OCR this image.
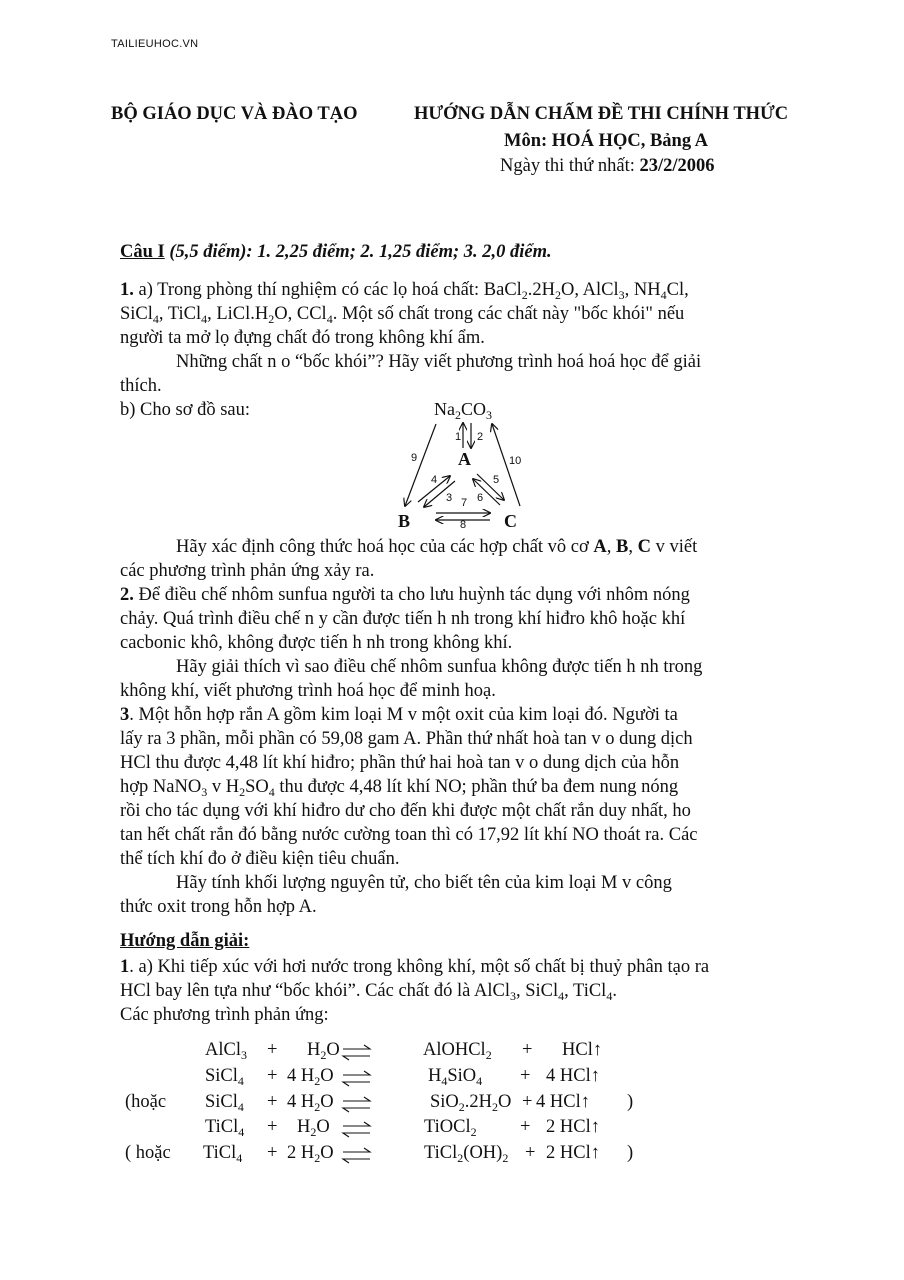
TAILIEUHOC.VN
BỘ GIÁO DỤC VÀ ĐÀO TẠO	HƯỚNG DẪN CHẤM ĐỀ THI CHÍNH THỨC
Môn: HOÁ HỌC, Bảng A
Ngày thi thứ nhất: 23/2/2006
Câu I (5,5 điểm): 1. 2,25 điểm; 2. 1,25 điểm; 3. 2,0 điểm.
1. a) Trong phòng thí nghiệm có các lọ hoá chất: $BaCl_2.2H_2O$, AlCl$_3$, $NH_4Cl$,
SiCl$_4$, TiCl$_4$, $LiCl.H_2O$, CCl$_4$. Một số chất trong các chất này "bốc khói" nếu
người ta mở lọ đựng chất đó trong không khí ẩm.
Những chất n o “bốc khói”? Hãy viết phương trình hoá hoá học để giải
thích.
b) Cho sơ đồ sau:	$Na_2CO_3$
A
B	C
1 2
3
4	5
6
7
8
9	10
Hãy xác định công thức hoá học của các hợp chất vô cơ A, B, C v viết
các phương trình phản ứng xảy ra.
2. Để điều chế nhôm sunfua người ta cho lưu huỳnh tác dụng với nhôm nóng
chảy. Quá trình điều chế n y cần được tiến h nh trong khí hiđro khô hoặc khí
cacbonic khô, không được tiến h nh trong không khí.
Hãy giải thích vì sao điều chế nhôm sunfua không được tiến h nh trong
không khí, viết phương trình hoá học để minh hoạ.
3. Một hỗn hợp rắn A gồm kim loại M v một oxit của kim loại đó. Người ta
lấy ra 3 phần, mỗi phần có 59,08 gam A. Phần thứ nhất hoà tan v o dung dịch
HCl thu được 4,48 lít khí hiđro; phần thứ hai hoà tan v o dung dịch của hỗn
hợp NaNO$_3$ v $H_2SO_4$ thu được 4,48 lít khí NO; phần thứ ba đem nung nóng
rồi cho tác dụng với khí hiđro dư cho đến khi được một chất rắn duy nhất, ho
tan hết chất rắn đó bằng nước cường toan thì có 17,92 lít khí NO thoát ra. Các
thể tích khí đo ở điều kiện tiêu chuẩn.
Hãy tính khối lượng nguyên tử, cho biết tên của kim loại M v công
thức oxit trong hỗn hợp A.
Hướng dẫn giải:
1. a) Khi tiếp xúc với hơi nước trong không khí, một số chất bị thuỷ phân tạo ra
HCl bay lên tựa như “bốc khói”. Các chất đó là AlCl$_3$, SiCl$_4$, TiCl$_4$.
Các phương trình phản ứng:
AlCl$_3$ + $H_2O$	AlOHCl$_2$ + HCl↑
SiCl$_4$ + 4 $H_2O$	$H_4SiO_4 + 4$ HCl↑
(hoặc SiCl$_4$ + 4 $H_2O$	$SiO_2.2H_2O + 4$ HCl↑ )
TiCl$_4$ + $H_2O$	TiOCl$_2$ + 2 HCl↑
( hoặc TiCl$_4$ + 2 $H_2O$	$TiCl_2(OH)_2 + 2$ HCl↑ )
